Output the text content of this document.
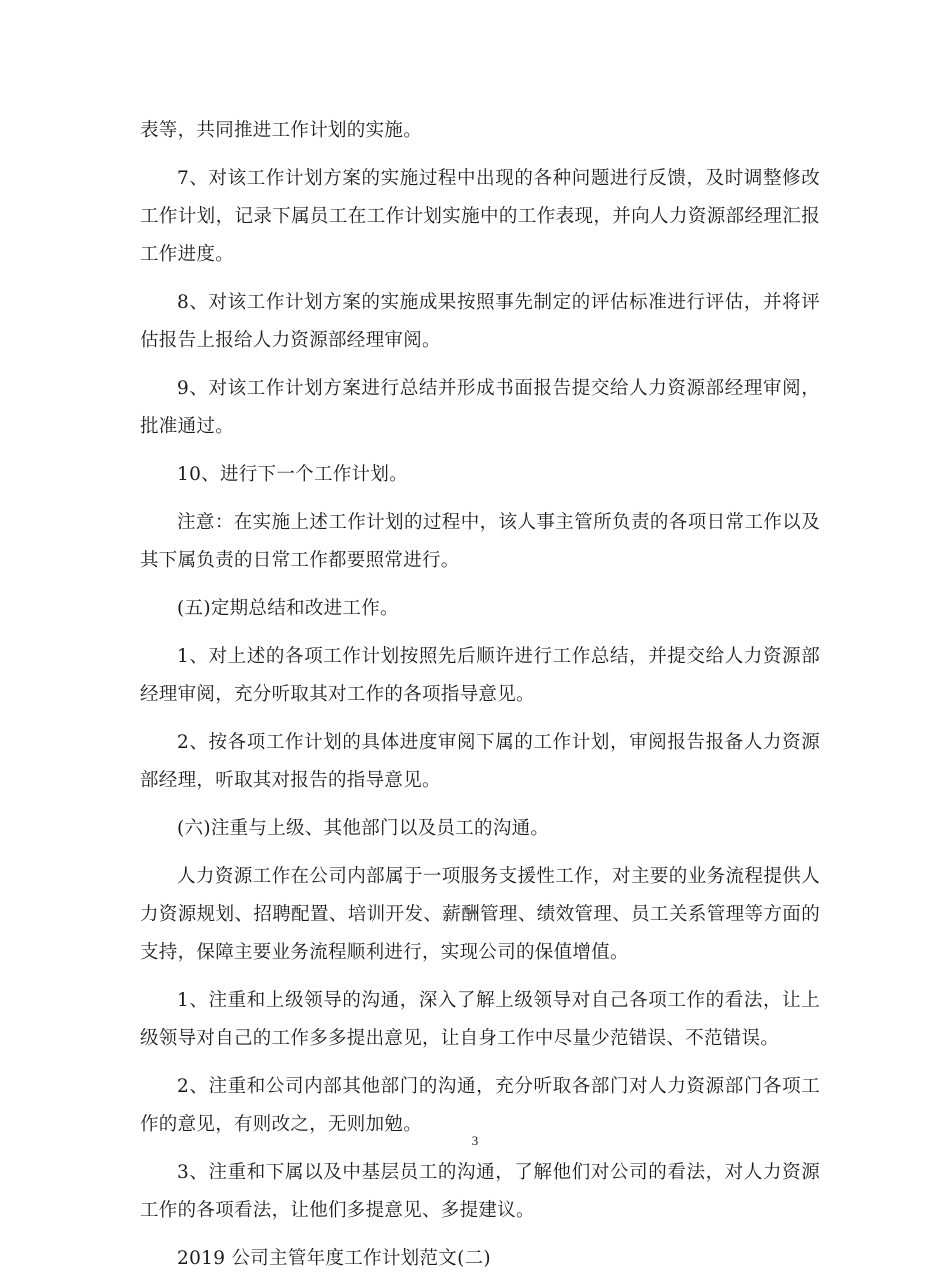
表等，共同推进工作计划的实施。

7、对该工作计划方案的实施过程中出现的各种问题进行反馈，及时调整修改工作计划，记录下属员工在工作计划实施中的工作表现，并向人力资源部经理汇报工作进度。

8、对该工作计划方案的实施成果按照事先制定的评估标准进行评估，并将评估报告上报给人力资源部经理审阅。

9、对该工作计划方案进行总结并形成书面报告提交给人力资源部经理审阅，批准通过。

10、进行下一个工作计划。

注意：在实施上述工作计划的过程中，该人事主管所负责的各项日常工作以及其下属负责的日常工作都要照常进行。

(五)定期总结和改进工作。

1、对上述的各项工作计划按照先后顺许进行工作总结，并提交给人力资源部经理审阅，充分听取其对工作的各项指导意见。

2、按各项工作计划的具体进度审阅下属的工作计划，审阅报告报备人力资源部经理，听取其对报告的指导意见。

(六)注重与上级、其他部门以及员工的沟通。

人力资源工作在公司内部属于一项服务支援性工作，对主要的业务流程提供人力资源规划、招聘配置、培训开发、薪酬管理、绩效管理、员工关系管理等方面的支持，保障主要业务流程顺利进行，实现公司的保值增值。

1、注重和上级领导的沟通，深入了解上级领导对自己各项工作的看法，让上级领导对自己的工作多多提出意见，让自身工作中尽量少范错误、不范错误。

2、注重和公司内部其他部门的沟通，充分听取各部门对人力资源部门各项工作的意见，有则改之，无则加勉。

3、注重和下属以及中基层员工的沟通，了解他们对公司的看法，对人力资源工作的各项看法，让他们多提意见、多提建议。

2019 公司主管年度工作计划范文(二)

3
